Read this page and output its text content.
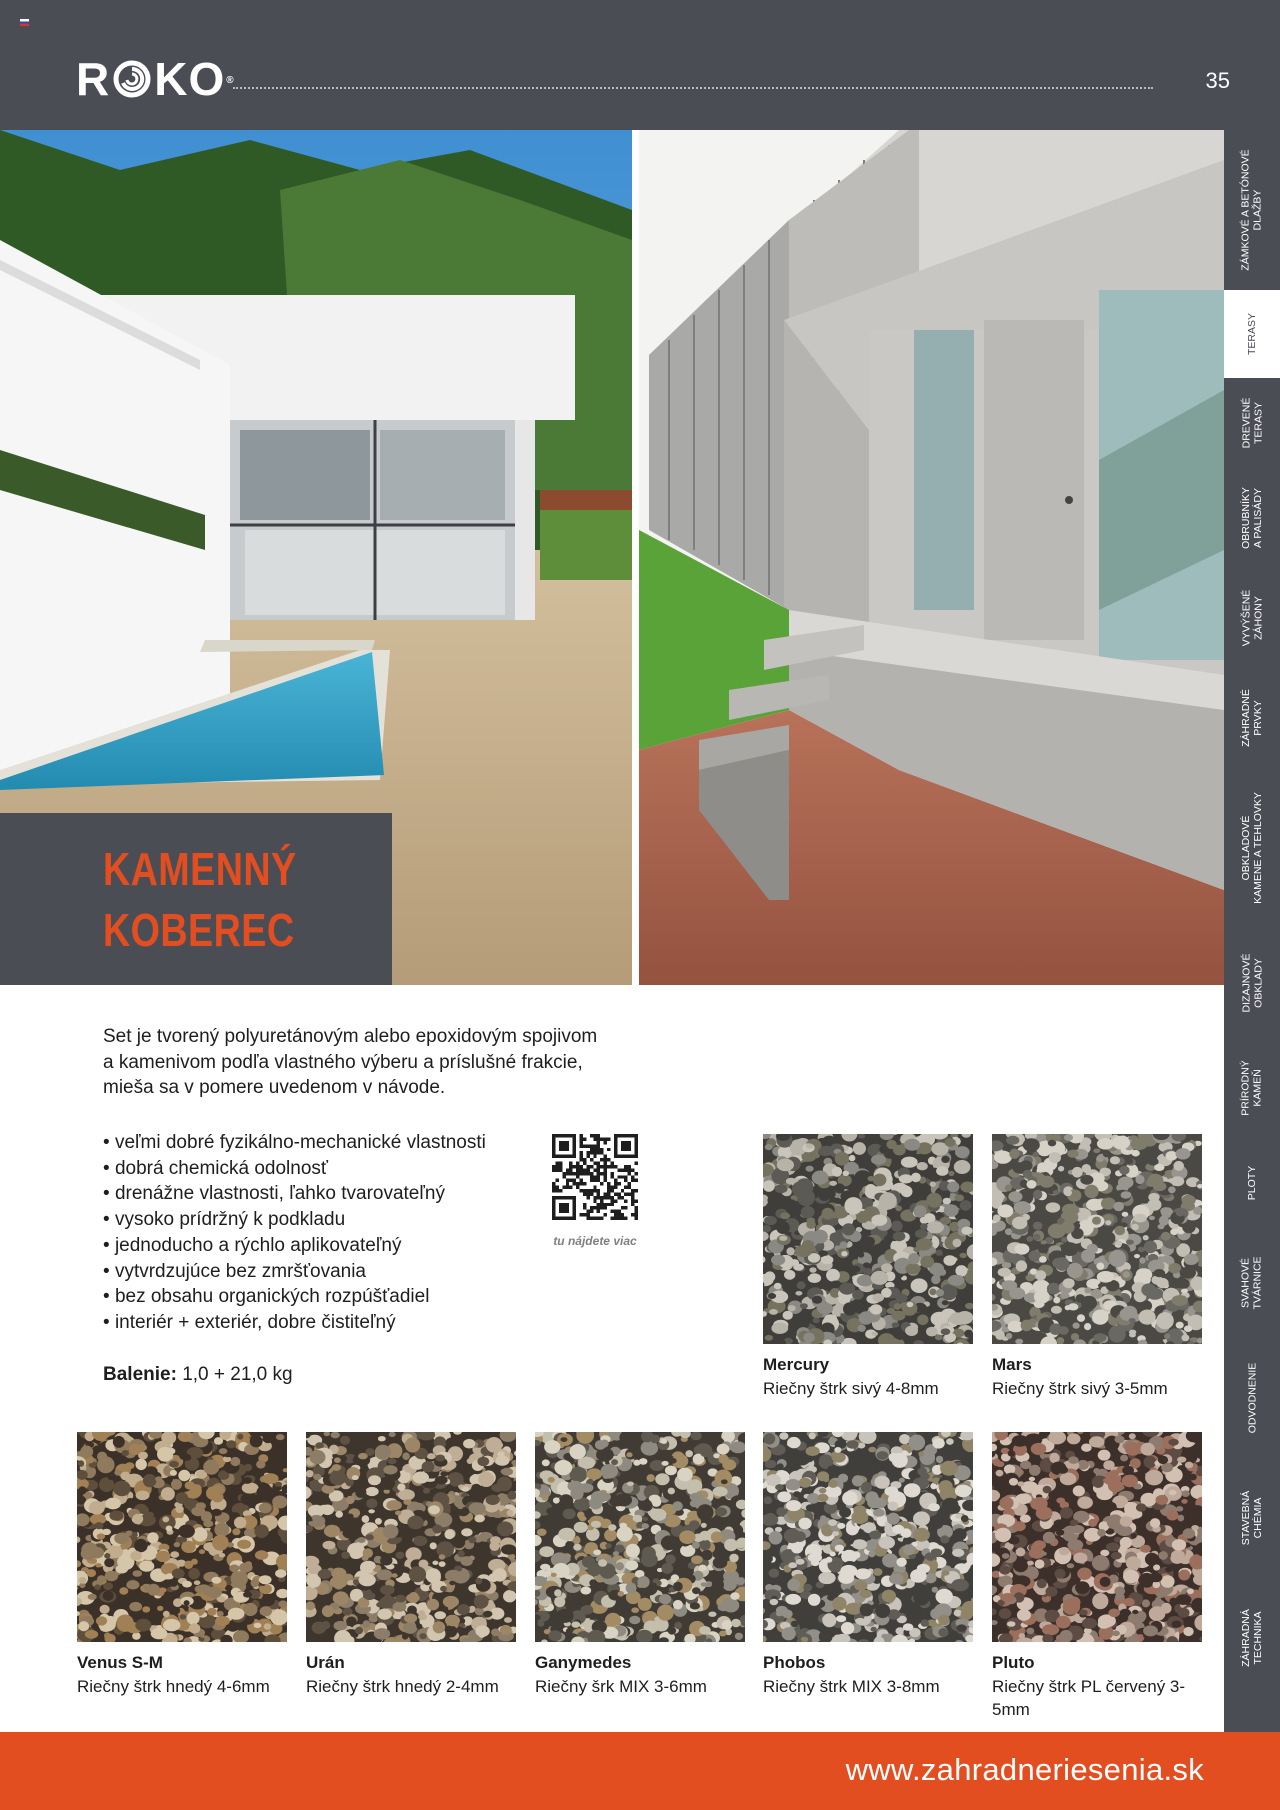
R KO ®	35
KAMENNÝ
KOBEREC
ZÁMKOVÉ A BETÓNOVÉ
DLAŽBY
TERASY
DREVENÉ
TERASY
OBRUBNÍKY
A PALISÁDY
VYVÝŠENÉ
ZÁHONY
ZÁHRADNÉ
PRVKY
OBKLADOVÉ
KAMENE A TEHLOVKY
DIZAJNOVÉ
OBKLADY
PRÍRODNÝ
KAMEŇ
PLOTY
SVAHOVÉ
TVÁRNICE
ODVODNENIE
STAVEBNÁ
CHÉMIA
ZÁHRADNÁ
TECHNIKA
Set je tvorený polyuretánovým alebo epoxidovým spojivom
a kamenivom podľa vlastného výberu a príslušné frakcie,
mieša sa v pomere uvedenom v návode.
• veľmi dobré fyzikálno-mechanické vlastnosti
• dobrá chemická odolnosť
• drenážne vlastnosti, ľahko tvarovateľný
• vysoko prídržný k podkladu
• jednoducho a rýchlo aplikovateľný
• vytvrdzujúce bez zmršťovania
• bez obsahu organických rozpúšťadiel
• interiér + exteriér, dobre čistiteľný
Balenie: 1,0 + 21,0 kg
tu nájdete viac
Mercury
Riečny štrk sivý 4-8mm
Mars
Riečny štrk sivý 3-5mm
Venus S-M
Riečny štrk hnedý 4-6mm
Urán
Riečny štrk hnedý 2-4mm
Ganymedes
Riečny šrk MIX 3-6mm
Phobos
Riečny štrk MIX 3-8mm
Pluto
Riečny štrk PL červený 3-5mm
www.zahradneriesenia.sk
